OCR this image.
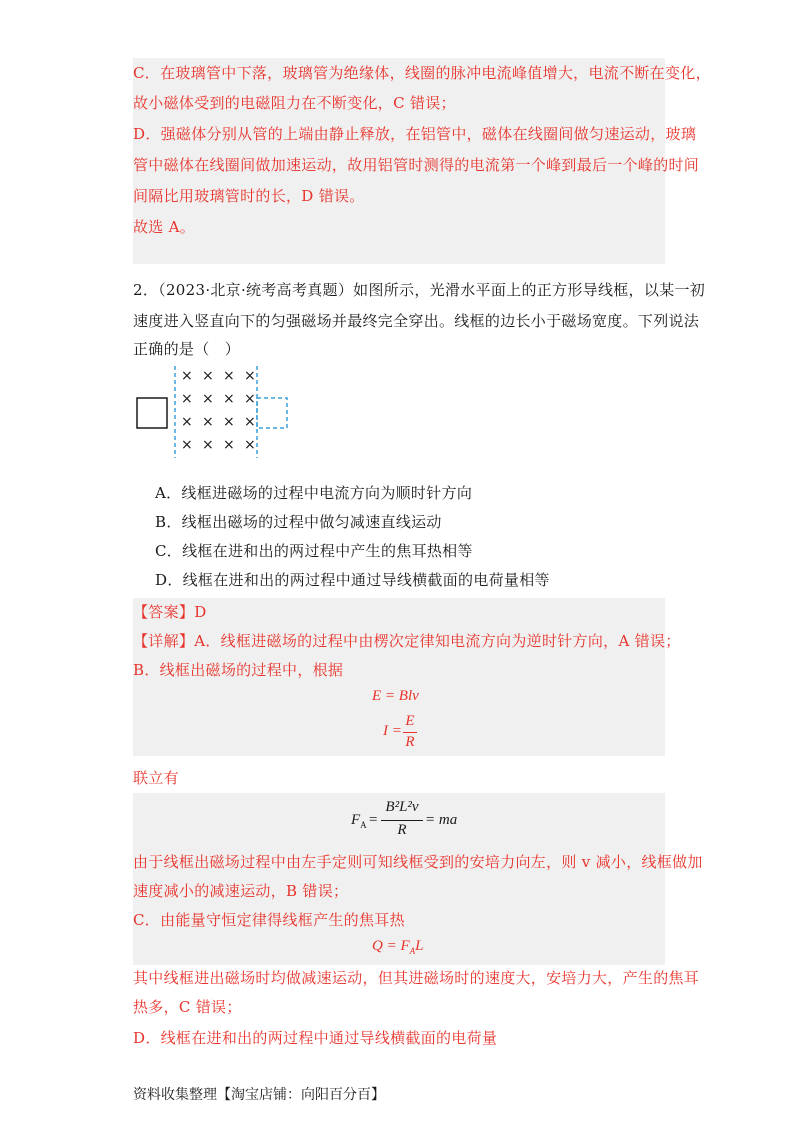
C．在玻璃管中下落，玻璃管为绝缘体，线圈的脉冲电流峰值增大，电流不断在变化，
故小磁体受到的电磁阻力在不断变化，C 错误；
D．强磁体分别从管的上端由静止释放，在铝管中，磁体在线圈间做匀速运动，玻璃
管中磁体在线圈间做加速运动，故用铝管时测得的电流第一个峰到最后一个峰的时间
间隔比用玻璃管时的长，D 错误。
故选 A。
2．（2023·北京·统考高考真题）如图所示，光滑水平面上的正方形导线框，以某一初
速度进入竖直向下的匀强磁场并最终完全穿出。线框的边长小于磁场宽度。下列说法
正确的是（　）
× × × ×
× × × ×
× × × ×
× × × ×
A．线框进磁场的过程中电流方向为顺时针方向
B．线框出磁场的过程中做匀减速直线运动
C．线框在进和出的两过程中产生的焦耳热相等
D．线框在进和出的两过程中通过导线横截面的电荷量相等
【答案】D
【详解】A．线框进磁场的过程中由楞次定律知电流方向为逆时针方向，A 错误；
B．线框出磁场的过程中，根据
E = Blv
I =
E
R
联立有
$F_A$ =
B²L²v
R
= ma
由于线框出磁场过程中由左手定则可知线框受到的安培力向左，则 v 减小，线框做加
速度减小的减速运动，B 错误；
C．由能量守恒定律得线框产生的焦耳热
$Q = F_AL$
其中线框进出磁场时均做减速运动，但其进磁场时的速度大，安培力大，产生的焦耳
热多，C 错误；
D．线框在进和出的两过程中通过导线横截面的电荷量
资料收集整理【淘宝店铺：向阳百分百】
